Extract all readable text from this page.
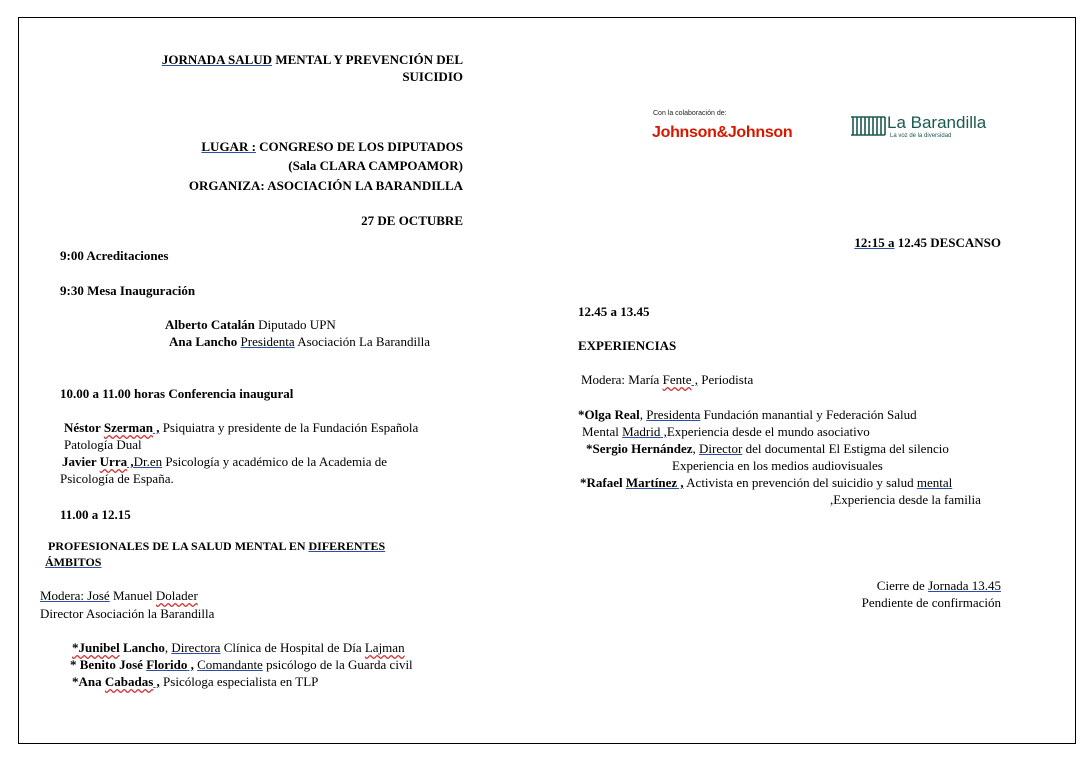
JORNADA SALUD MENTAL Y PREVENCIÓN DEL
SUICIDIO
LUGAR : CONGRESO DE LOS DIPUTADOS
(Sala CLARA CAMPOAMOR)
ORGANIZA: ASOCIACIÓN LA BARANDILLA
27 DE OCTUBRE
Con la colaboración de:
Johnson&Johnson
La Barandilla
La voz de la diversidad
9:00 Acreditaciones
9:30 Mesa Inauguración
Alberto Catalán Diputado UPN
Ana Lancho Presidenta Asociación La Barandilla
10.00 a 11.00 horas Conferencia inaugural
Néstor Szerman , Psiquiatra y presidente de la Fundación Española
Patología Dual
Javier Urra ,Dr.en Psicología y académico de la Academia de
Psicología de España.
11.00 a 12.15
PROFESIONALES DE LA SALUD MENTAL EN DIFERENTES
ÁMBITOS
Modera: José Manuel Dolader
Director Asociación la Barandilla
*Junibel Lancho, Directora Clínica de Hospital de Día Lajman
* Benito José Florido , Comandante psicólogo de la Guarda civil
*Ana Cabadas , Psicóloga especialista en TLP
12:15 a 12.45 DESCANSO
12.45 a 13.45
EXPERIENCIAS
Modera: María Fente , Periodista
*Olga Real, Presidenta Fundación manantial y Federación Salud
Mental Madrid ,Experiencia desde el mundo asociativo
*Sergio Hernández, Director del documental El Estigma del silencio
Experiencia en los medios audiovisuales
*Rafael Martínez , Activista en prevención del suicidio y salud mental
,Experiencia desde la familia
Cierre de Jornada 13.45
Pendiente de confirmación
